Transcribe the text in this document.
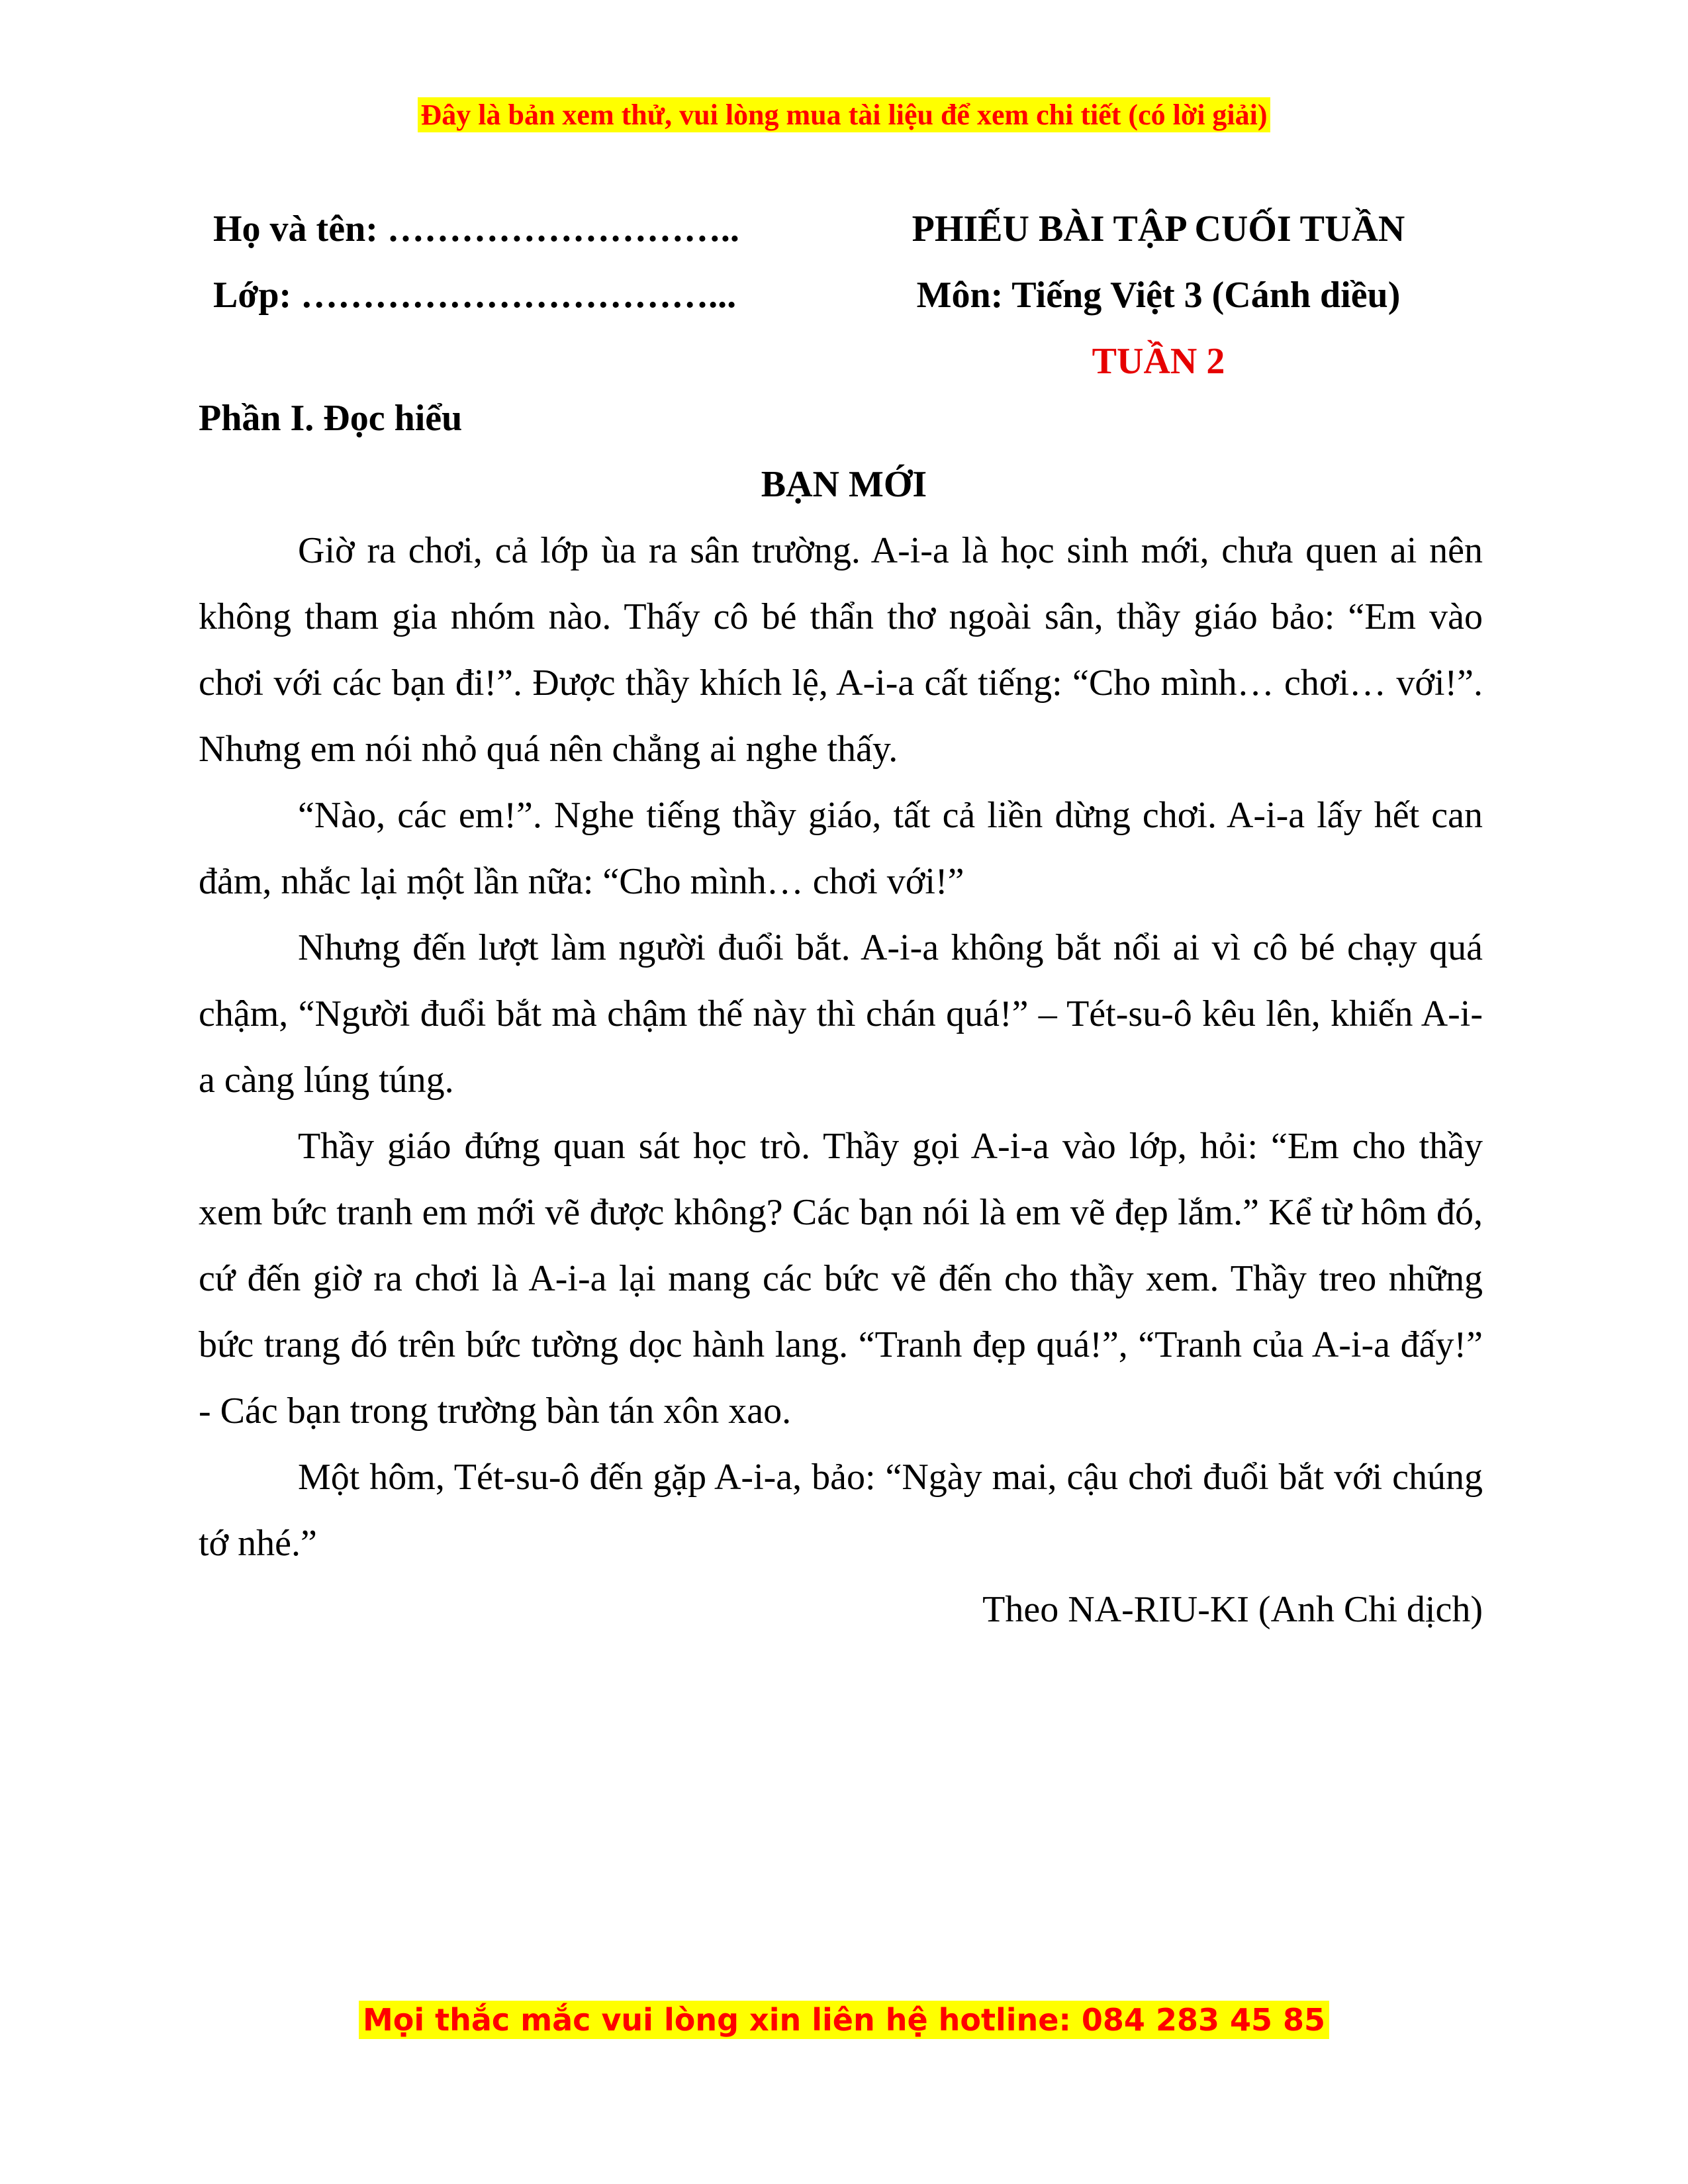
Đây là bản xem thử, vui lòng mua tài liệu để xem chi tiết (có lời giải)
Họ và tên: ………………………..
Lớp: ……………………………...
PHIẾU BÀI TẬP CUỐI TUẦN
Môn: Tiếng Việt 3 (Cánh diều)
TUẦN 2
Phần I. Đọc hiểu
BẠN MỚI

Giờ ra chơi, cả lớp ùa ra sân trường. A-i-a là học sinh mới, chưa quen ai nên không tham gia nhóm nào. Thấy cô bé thẩn thơ ngoài sân, thầy giáo bảo: “Em vào chơi với các bạn đi!”. Được thầy khích lệ, A-i-a cất tiếng: “Cho mình… chơi… với!”. Nhưng em nói nhỏ quá nên chẳng ai nghe thấy.

“Nào, các em!”. Nghe tiếng thầy giáo, tất cả liền dừng chơi. A-i-a lấy hết can đảm, nhắc lại một lần nữa: “Cho mình… chơi với!”

Nhưng đến lượt làm người đuổi bắt. A-i-a không bắt nổi ai vì cô bé chạy quá chậm, “Người đuổi bắt mà chậm thế này thì chán quá!” – Tét-su-ô kêu lên, khiến A-i-a càng lúng túng.

Thầy giáo đứng quan sát học trò. Thầy gọi A-i-a vào lớp, hỏi: “Em cho thầy xem bức tranh em mới vẽ được không? Các bạn nói là em vẽ đẹp lắm.” Kể từ hôm đó, cứ đến giờ ra chơi là A-i-a lại mang các bức vẽ đến cho thầy xem. Thầy treo những bức trang đó trên bức tường dọc hành lang. “Tranh đẹp quá!”, “Tranh của A-i-a đấy!” - Các bạn trong trường bàn tán xôn xao.

Một hôm, Tét-su-ô đến gặp A-i-a, bảo: “Ngày mai, cậu chơi đuổi bắt với chúng tớ nhé.”

Theo NA-RIU-KI (Anh Chi dịch)
Mọi thắc mắc vui lòng xin liên hệ hotline: 084 283 45 85
